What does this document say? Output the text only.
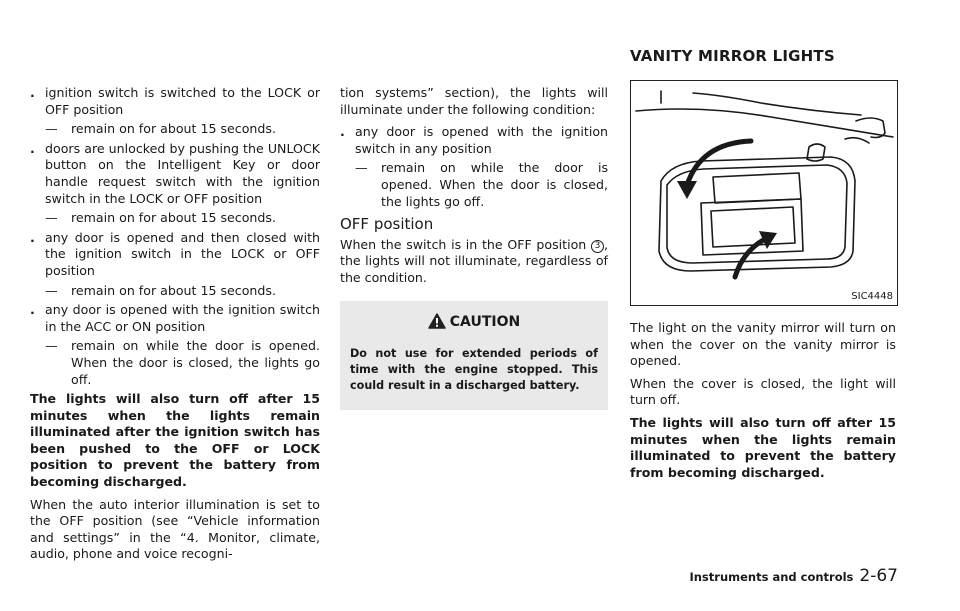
. ignition switch is switched to the LOCK or OFF position
— remain on for about 15 seconds.
. doors are unlocked by pushing the UNLOCK button on the Intelligent Key or door handle request switch with the ignition switch in the LOCK or OFF position
— remain on for about 15 seconds.
. any door is opened and then closed with the ignition switch in the LOCK or OFF position
— remain on for about 15 seconds.
. any door is opened with the ignition switch in the ACC or ON position
— remain on while the door is opened. When the door is closed, the lights go off.

The lights will also turn off after 15 minutes when the lights remain illuminated after the ignition switch has been pushed to the OFF or LOCK position to prevent the battery from becoming discharged.

When the auto interior illumination is set to the OFF position (see “Vehicle information and settings” in the “4. Monitor, climate, audio, phone and voice recogni-

tion systems” section), the lights will illuminate under the following condition:

. any door is opened with the ignition switch in any position
— remain on while the door is opened. When the door is closed, the lights go off.
OFF position

When the switch is in the OFF position 3 , the lights will not illuminate, regardless of the condition.

CAUTION
Do not use for extended periods of time with the engine stopped. This could result in a discharged battery.
VANITY MIRROR LIGHTS
SIC4448

The light on the vanity mirror will turn on when the cover on the vanity mirror is opened.

When the cover is closed, the light will turn off.

The lights will also turn off after 15 minutes when the lights remain illuminated to prevent the battery from becoming discharged.

Instruments and controls 2-67
